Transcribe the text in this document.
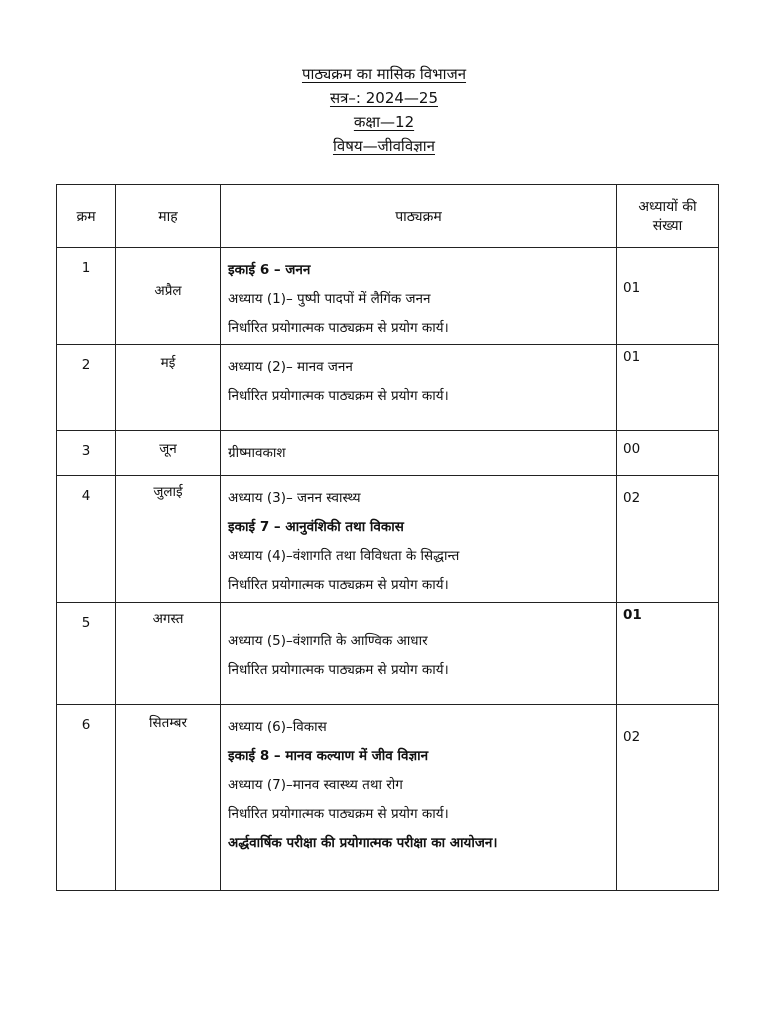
पाठ्यक्रम का मासिक विभाजन
सत्र–: 2024—25
कक्षा—12
विषय—जीवविज्ञान
क्रम	माह	पाठ्यक्रम	अध्यायों की
संख्या

1	अप्रैल	इकाई 6 – जनन
अध्याय (1)– पुष्पी पादपों में लैगिंक जनन
निर्धारित प्रयोगात्मक पाठ्यक्रम से प्रयोग कार्य।	01
2	मई	अध्याय (2)– मानव जनन
निर्धारित प्रयोगात्मक पाठ्यक्रम से प्रयोग कार्य।	01
3	जून	ग्रीष्मावकाश	00
4	जुलाई	अध्याय (3)– जनन स्वास्थ्य
इकाई 7 – आनुवंशिकी तथा विकास
अध्याय (4)–वंशागति तथा विविधता के सिद्धान्त
निर्धारित प्रयोगात्मक पाठ्यक्रम से प्रयोग कार्य।	02
5	अगस्त	अध्याय (5)–वंशागति के आण्विक आधार
निर्धारित प्रयोगात्मक पाठ्यक्रम से प्रयोग कार्य।	01
6	सितम्बर	अध्याय (6)–विकास
इकाई 8 – मानव कल्याण में जीव विज्ञान
अध्याय (7)–मानव स्वास्थ्य तथा रोग
निर्धारित प्रयोगात्मक पाठ्यक्रम से प्रयोग कार्य।
अर्द्धवार्षिक परीक्षा की प्रयोगात्मक परीक्षा का आयोजन।	02
